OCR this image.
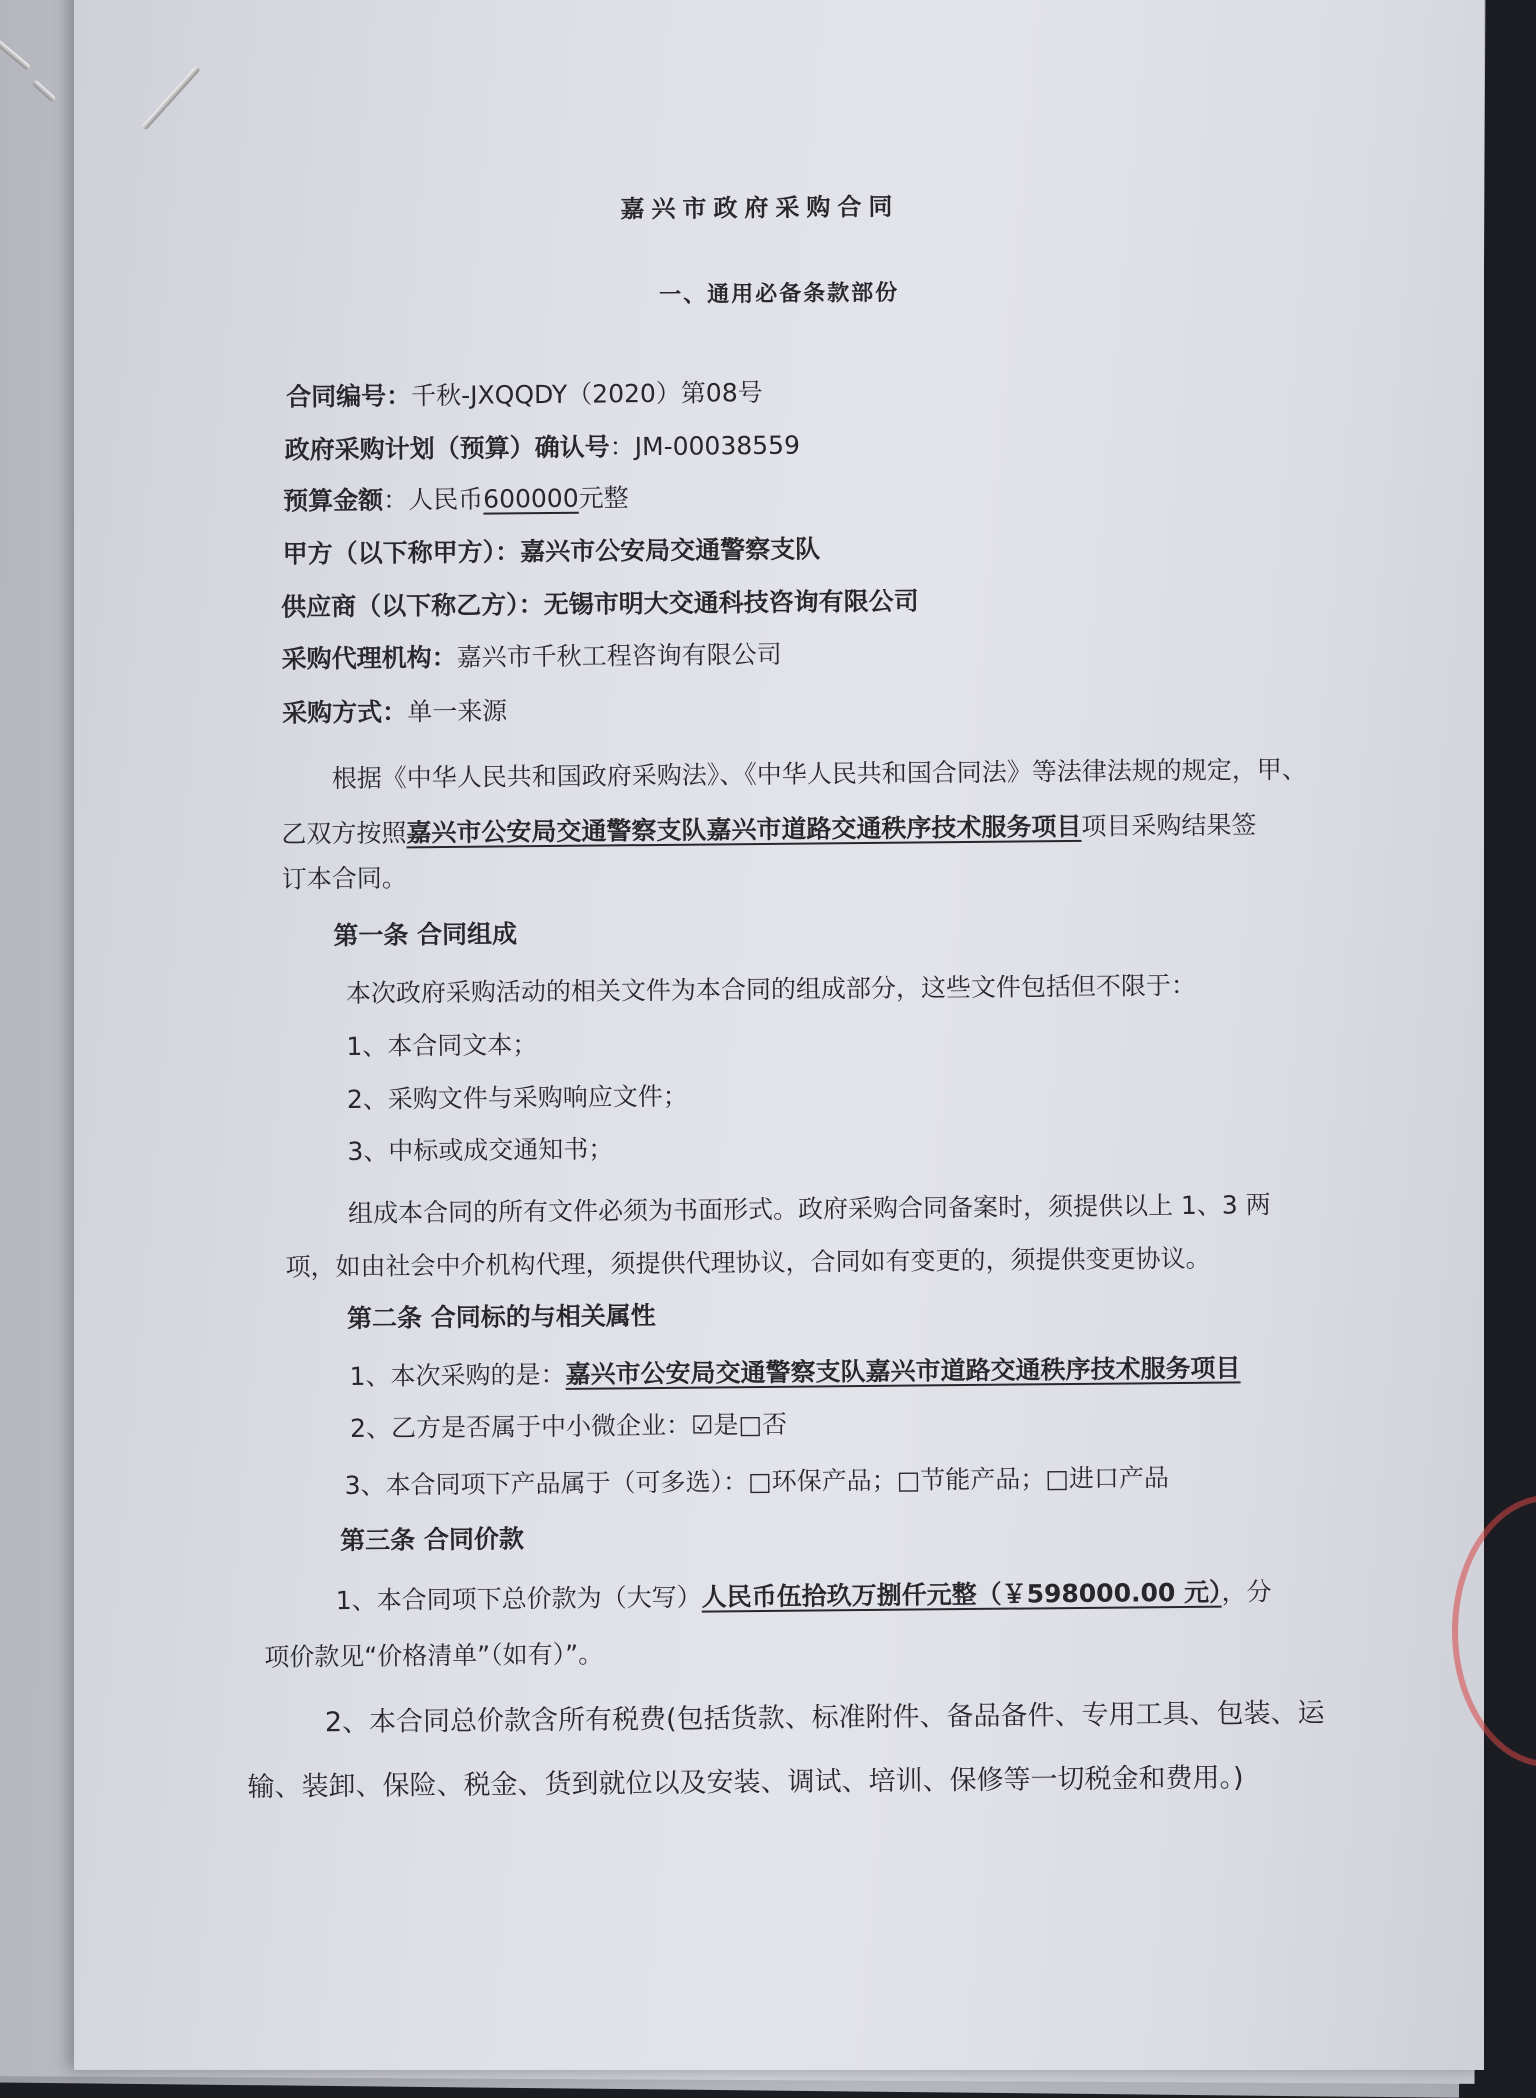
嘉兴市政府采购合同
一、通用必备条款部份
合同编号：千秋-JXQQDY（2020）第08号
政府采购计划（预算）确认号：JM-00038559
预算金额：人民币600000元整
甲方（以下称甲方）：嘉兴市公安局交通警察支队
供应商（以下称乙方）：无锡市明大交通科技咨询有限公司
采购代理机构：嘉兴市千秋工程咨询有限公司
采购方式：单一来源
根据《中华人民共和国政府采购法》、《中华人民共和国合同法》等法律法规的规定，甲、
乙双方按照嘉兴市公安局交通警察支队嘉兴市道路交通秩序技术服务项目项目采购结果签
订本合同。
第一条 合同组成
本次政府采购活动的相关文件为本合同的组成部分，这些文件包括但不限于：
1、本合同文本；
2、采购文件与采购响应文件；
3、中标或成交通知书；
组成本合同的所有文件必须为书面形式。政府采购合同备案时，须提供以上 1、3 两
项，如由社会中介机构代理，须提供代理协议，合同如有变更的，须提供变更协议。
第二条 合同标的与相关属性
1、本次采购的是：嘉兴市公安局交通警察支队嘉兴市道路交通秩序技术服务项目
2、乙方是否属于中小微企业：☑是□否
3、本合同项下产品属于（可多选）：□环保产品；□节能产品；□进口产品
第三条 合同价款
1、本合同项下总价款为（大写）人民币伍拾玖万捌仟元整（￥598000.00 元），分
项价款见“价格清单”（如有）”。
2、本合同总价款含所有税费(包括货款、标准附件、备品备件、专用工具、包装、运
输、装卸、保险、税金、货到就位以及安装、调试、培训、保修等一切税金和费用。)
